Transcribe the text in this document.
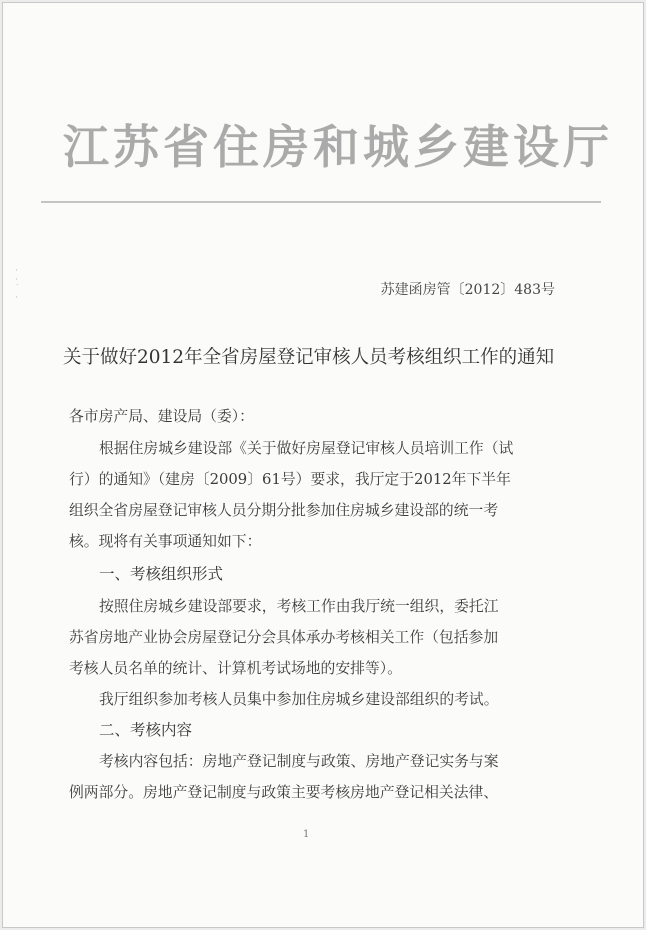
·
·
˙
·
江苏省住房和城乡建设厅
苏建函房管〔2012〕483号
关于做好2012年全省房屋登记审核人员考核组织工作的通知
各市房产局、建设局（委）：
根据住房城乡建设部《关于做好房屋登记审核人员培训工作（试
行）的通知》（建房〔2009〕61号）要求，我厅定于2012年下半年
组织全省房屋登记审核人员分期分批参加住房城乡建设部的统一考
核。现将有关事项通知如下：
一、考核组织形式
按照住房城乡建设部要求，考核工作由我厅统一组织，委托江
苏省房地产业协会房屋登记分会具体承办考核相关工作（包括参加
考核人员名单的统计、计算机考试场地的安排等）。
我厅组织参加考核人员集中参加住房城乡建设部组织的考试。
二、考核内容
考核内容包括：房地产登记制度与政策、房地产登记实务与案
例两部分。房地产登记制度与政策主要考核房地产登记相关法律、
1
